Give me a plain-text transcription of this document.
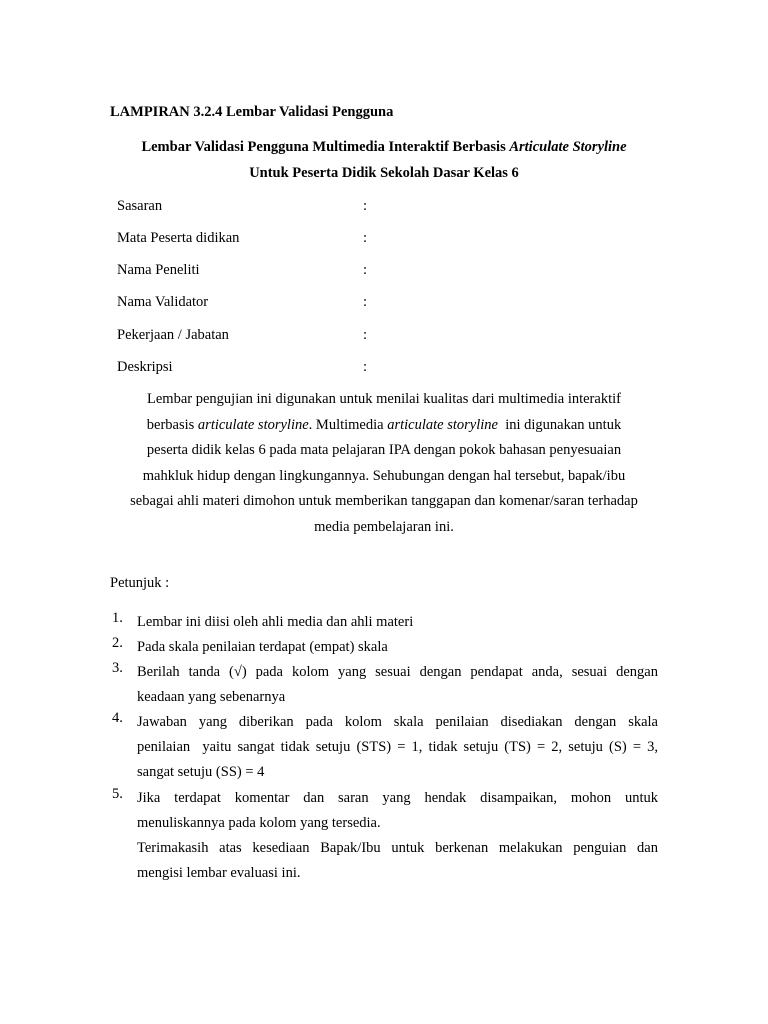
LAMPIRAN 3.2.4 Lembar Validasi Pengguna
Lembar Validasi Pengguna Multimedia Interaktif Berbasis Articulate Storyline
Untuk Peserta Didik Sekolah Dasar Kelas 6
Sasaran	:
Mata Peserta didikan	:
Nama Peneliti	:
Nama Validator	:
Pekerjaan / Jabatan	:
Deskripsi	:
Lembar pengujian ini digunakan untuk menilai kualitas dari multimedia interaktif
berbasis articulate storyline. Multimedia articulate storyline  ini digunakan untuk
peserta didik kelas 6 pada mata pelajaran IPA dengan pokok bahasan penyesuaian
mahkluk hidup dengan lingkungannya. Sehubungan dengan hal tersebut, bapak/ibu
sebagai ahli materi dimohon untuk memberikan tanggapan dan komenar/saran terhadap
media pembelajaran ini.
Petunjuk :
1. Lembar ini diisi oleh ahli media dan ahli materi
2. Pada skala penilaian terdapat (empat) skala
3. Berilah tanda (√) pada kolom yang sesuai dengan pendapat anda, sesuai dengan
keadaan yang sebenarnya
4. Jawaban yang diberikan pada kolom skala penilaian disediakan dengan skala
penilaian  yaitu sangat tidak setuju (STS) = 1, tidak setuju (TS) = 2, setuju (S) = 3,
sangat setuju (SS) = 4
5. Jika terdapat komentar dan saran yang hendak disampaikan, mohon untuk
menuliskannya pada kolom yang tersedia.
Terimakasih atas kesediaan Bapak/Ibu untuk berkenan melakukan penguian dan
mengisi lembar evaluasi ini.
